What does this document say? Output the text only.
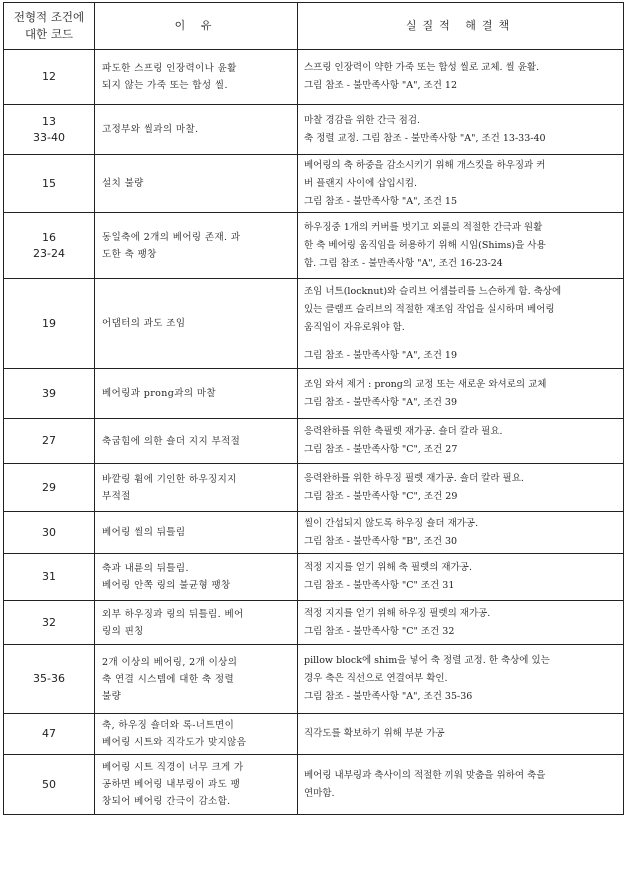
전형적 조건에
대한 코드	이 유	실질적 해결책

12	파도한 스프링 인장력이나 윤활
되지 않는 가죽 또는 합성 씰.	스프링 인장력이 약한 가죽 또는 합성 씰로 교체. 씰 윤활.
그림 참조 - 불만족사항 "A", 조건 12

13
33-40	고정부와 씰과의 마찰.	마찰 경감을 위한 간극 점검.
축 정렬 교정. 그림 참조 - 불만족사항 "A", 조건 13-33-40

15	설치 불량	베어링의 축 하중을 감소시키기 위해 개스킷을 하우징과 커
버 플랜지 사이에 삽입시킴.
그림 참조 - 불만족사항 "A", 조건 15

16
23-24	동일축에 2개의 베어링 존재. 과
도한 축 팽창	하우징중 1개의 커버를 벗기고 외륜의 적절한 간극과 원활
한 축 베어링 움직임을 허용하기 위해 시임(Shims)을 사용
함. 그림 참조 - 불만족사항 "A", 조건 16-23-24

19	어댑터의 과도 조임	조임 너트(locknut)와 슬리브 어셈블리를 느슨하게 함. 축상에
있는 클램프 슬리브의 적절한 재조임 작업을 실시하며 베어링
움직임이 자유로워야 함.
그림 참조 - 불만족사항 "A", 조건 19

39	베어링과 prong과의 마찰	조임 와셔 제거 : prong의 교정 또는 새로운 와셔로의 교체
그림 참조 - 불만족사항 "A", 조건 39

27	축굽힘에 의한 숄더 지지 부적절	응력완하를 위한 축필렛 재가공. 숄더 칼라 필요.
그림 참조 - 불만족사항 "C", 조건 27

29	바깥링 휨에 기인한 하우징지지
부적절	응력완하를 위한 하우징 필렛 재가공. 숄더 칼라 필요.
그림 참조 - 불만족사항 "C", 조건 29

30	베어링 씰의 뒤틀림	씰이 간섭되지 않도록 하우징 숄더 재가공.
그림 참조 - 불만족사항 "B", 조건 30

31	축과 내륜의 뒤틀림.
베어링 안쪽 링의 불균형 팽창	적정 지지를 얻기 위해 축 필렛의 재가공.
그림 참조 - 불만족사항 "C" 조건 31

32	외부 하우징과 링의 뒤틀림. 베어
링의 핀칭	적정 지지를 얻기 위해 하우징 필렛의 재가공.
그림 참조 - 불만족사항 "C" 조건 32

35-36	2개 이상의 베어링, 2개 이상의
축 연결 시스템에 대한 축 정렬
불량	pillow block에 shim을 넣어 축 정렬 교정. 한 축상에 있는
경우 축은 직선으로 연결여부 확인.
그림 참조 - 불만족사항 "A", 조건 35-36

47	축, 하우징 숄더와 록-너트면이
베어링 시트와 직각도가 맞지않음	직각도를 확보하기 위해 부분 가공

50	베어링 시트 직경이 너무 크게 가
공하면 베어링 내부링이 과도 팽
창되어 베어링 간극이 감소함.	베어링 내부링과 축사이의 적절한 끼워 맞춤을 위하여 축을
연마함.
